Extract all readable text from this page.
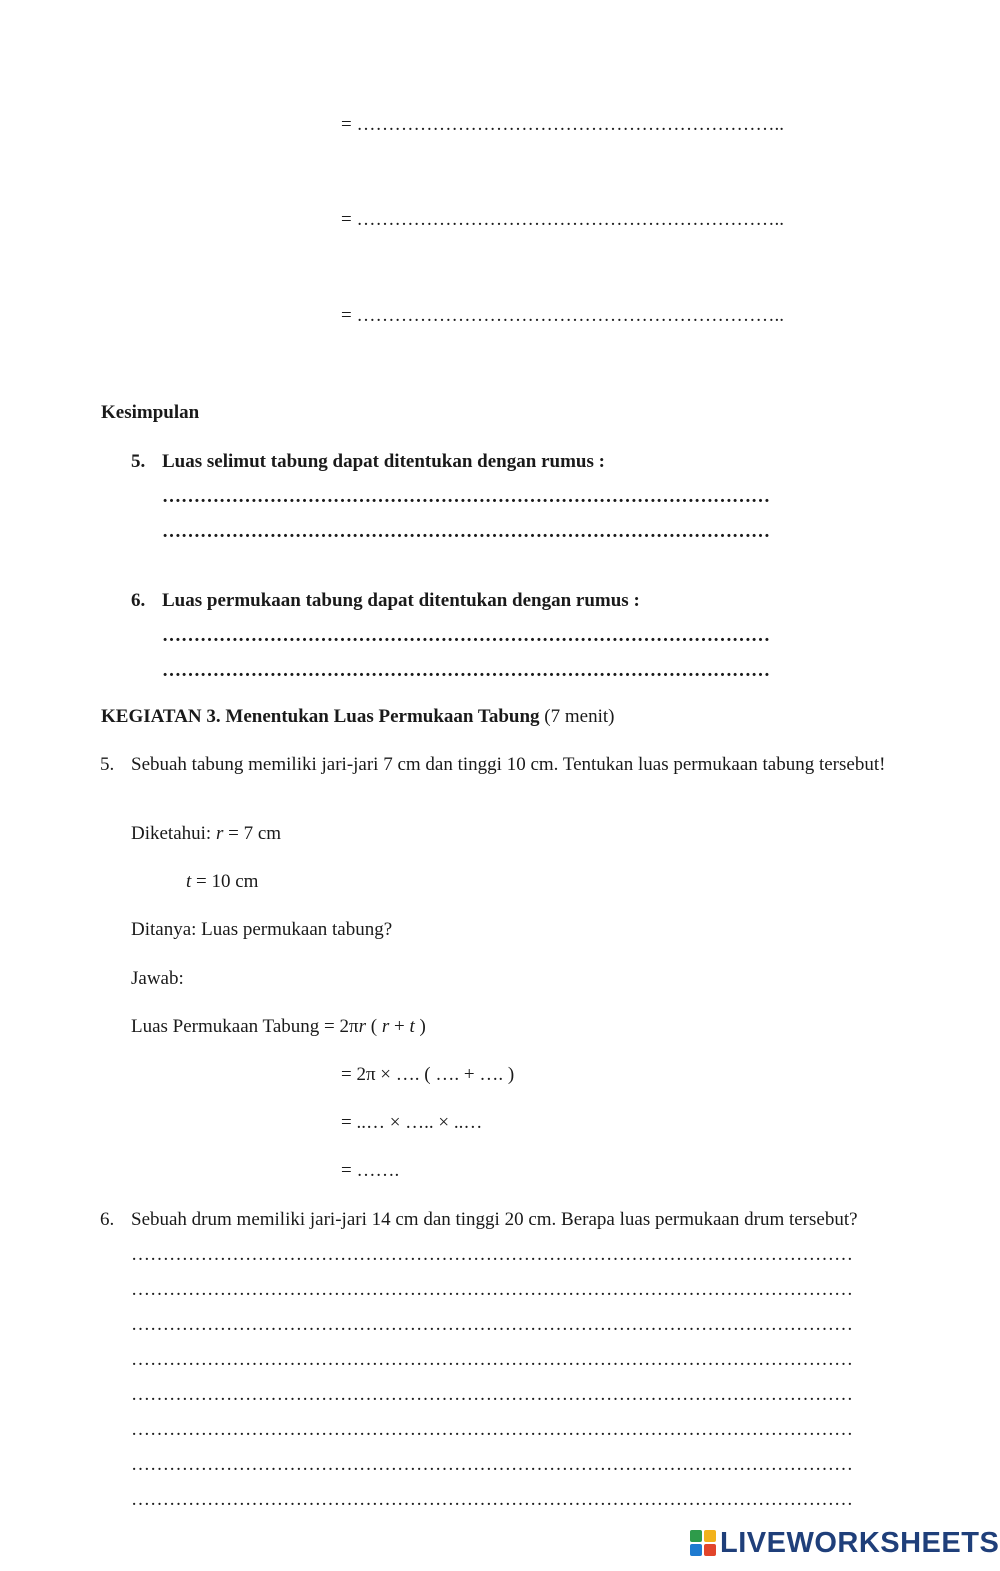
= …………………………………………………………..
= …………………………………………………………..
= …………………………………………………………..
Kesimpulan
5. Luas selimut tabung dapat ditentukan dengan rumus :
……………………………………………………………………………………
……………………………………………………………………………………
6. Luas permukaan tabung dapat ditentukan dengan rumus :
……………………………………………………………………………………
……………………………………………………………………………………
KEGIATAN 3. Menentukan Luas Permukaan Tabung (7 menit)
5. Sebuah tabung memiliki jari-jari 7 cm dan tinggi 10 cm. Tentukan luas permukaan tabung tersebut!
Diketahui: r = 7 cm
t = 10 cm
Ditanya: Luas permukaan tabung?
Jawab:
Luas Permukaan Tabung = 2πr ( r + t )
= 2π × …. ( …. + …. )
= ..… × ….. × ..…
= …….
6. Sebuah drum memiliki jari-jari 14 cm dan tinggi 20 cm. Berapa luas permukaan drum tersebut?
……………………………………………………………………………………………………
……………………………………………………………………………………………………
……………………………………………………………………………………………………
……………………………………………………………………………………………………
……………………………………………………………………………………………………
……………………………………………………………………………………………………
……………………………………………………………………………………………………
……………………………………………………………………………………………………
LIVEWORKSHEETS
